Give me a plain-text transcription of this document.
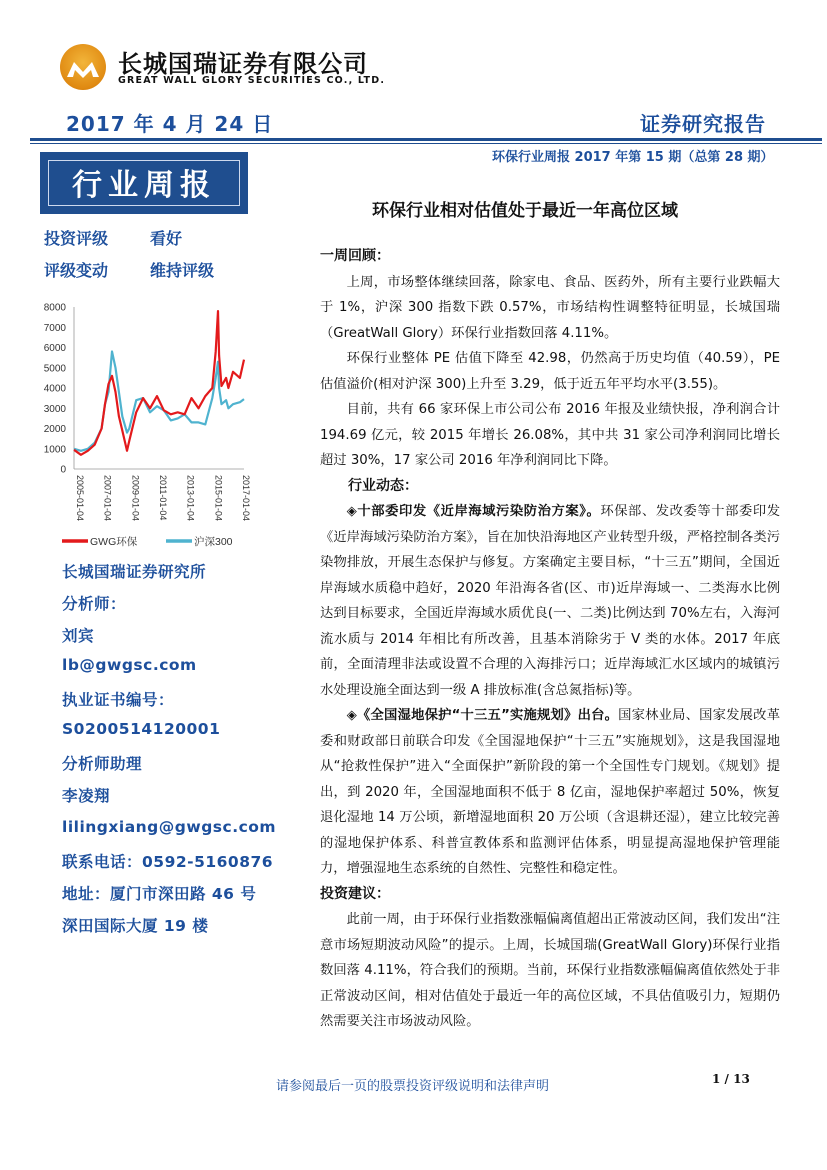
长城国瑞证券有限公司
GREAT WALL GLORY SECURITIES CO., LTD.
2017 年 4 月 24 日	证券研究报告
环保行业周报 2017 年第 15 期（总第 28 期）
行业周报
投资评级	看好
评级变动	维持评级
0
1000
2000
3000
4000
5000
6000
7000
8000
2005-01-04 2007-01-04 2009-01-04 2011-01-04 2013-01-04 2015-01-04 2017-01-04
GWG环保	沪深300
长城国瑞证券研究所
分析师：
刘宾
lb@gwgsc.com
执业证书编号：
S0200514120001
分析师助理
李凌翔
lilingxiang@gwgsc.com
联系电话：0592-5160876
地址：厦门市深田路 46 号
深田国际大厦 19 楼
环保行业相对估值处于最近一年高位区域
一周回顾：

上周，市场整体继续回落，除家电、食品、医药外，所有主要行业跌幅大于 1%，沪深 300 指数下跌 0.57%，市场结构性调整特征明显，长城国瑞（GreatWall Glory）环保行业指数回落 4.11%。

环保行业整体 PE 估值下降至 42.98，仍然高于历史均值（40.59），PE 估值溢价(相对沪深 300)上升至 3.29，低于近五年平均水平(3.55)。

目前，共有 66 家环保上市公司公布 2016 年报及业绩快报，净利润合计 194.69 亿元，较 2015 年增长 26.08%，其中共 31 家公司净利润同比增长超过 30%，17 家公司 2016 年净利润同比下降。

行业动态：

◈十部委印发《近岸海域污染防治方案》。环保部、发改委等十部委印发《近岸海域污染防治方案》，旨在加快沿海地区产业转型升级，严格控制各类污染物排放，开展生态保护与修复。方案确定主要目标，“十三五”期间，全国近岸海域水质稳中趋好，2020 年沿海各省(区、市)近岸海域一、二类海水比例达到目标要求，全国近岸海域水质优良(一、二类)比例达到 70%左右，入海河流水质与 2014 年相比有所改善，且基本消除劣于 V 类的水体。2017 年底前，全面清理非法或设置不合理的入海排污口；近岸海域汇水区域内的城镇污水处理设施全面达到一级 A 排放标准(含总氮指标)等。

◈《全国湿地保护“十三五”实施规划》出台。国家林业局、国家发展改革委和财政部日前联合印发《全国湿地保护“十三五”实施规划》，这是我国湿地从“抢救性保护”进入“全面保护”新阶段的第一个全国性专门规划。《规划》提出，到 2020 年，全国湿地面积不低于 8 亿亩，湿地保护率超过 50%，恢复退化湿地 14 万公顷，新增湿地面积 20 万公顷（含退耕还湿），建立比较完善的湿地保护体系、科普宣教体系和监测评估体系，明显提高湿地保护管理能力，增强湿地生态系统的自然性、完整性和稳定性。

投资建议：

此前一周，由于环保行业指数涨幅偏离值超出正常波动区间，我们发出“注意市场短期波动风险”的提示。上周，长城国瑞(GreatWall Glory)环保行业指数回落 4.11%，符合我们的预期。当前，环保行业指数涨幅偏离值依然处于非正常波动区间，相对估值处于最近一年的高位区域，不具估值吸引力，短期仍然需要关注市场波动风险。

请参阅最后一页的股票投资评级说明和法律声明	1 / 13
